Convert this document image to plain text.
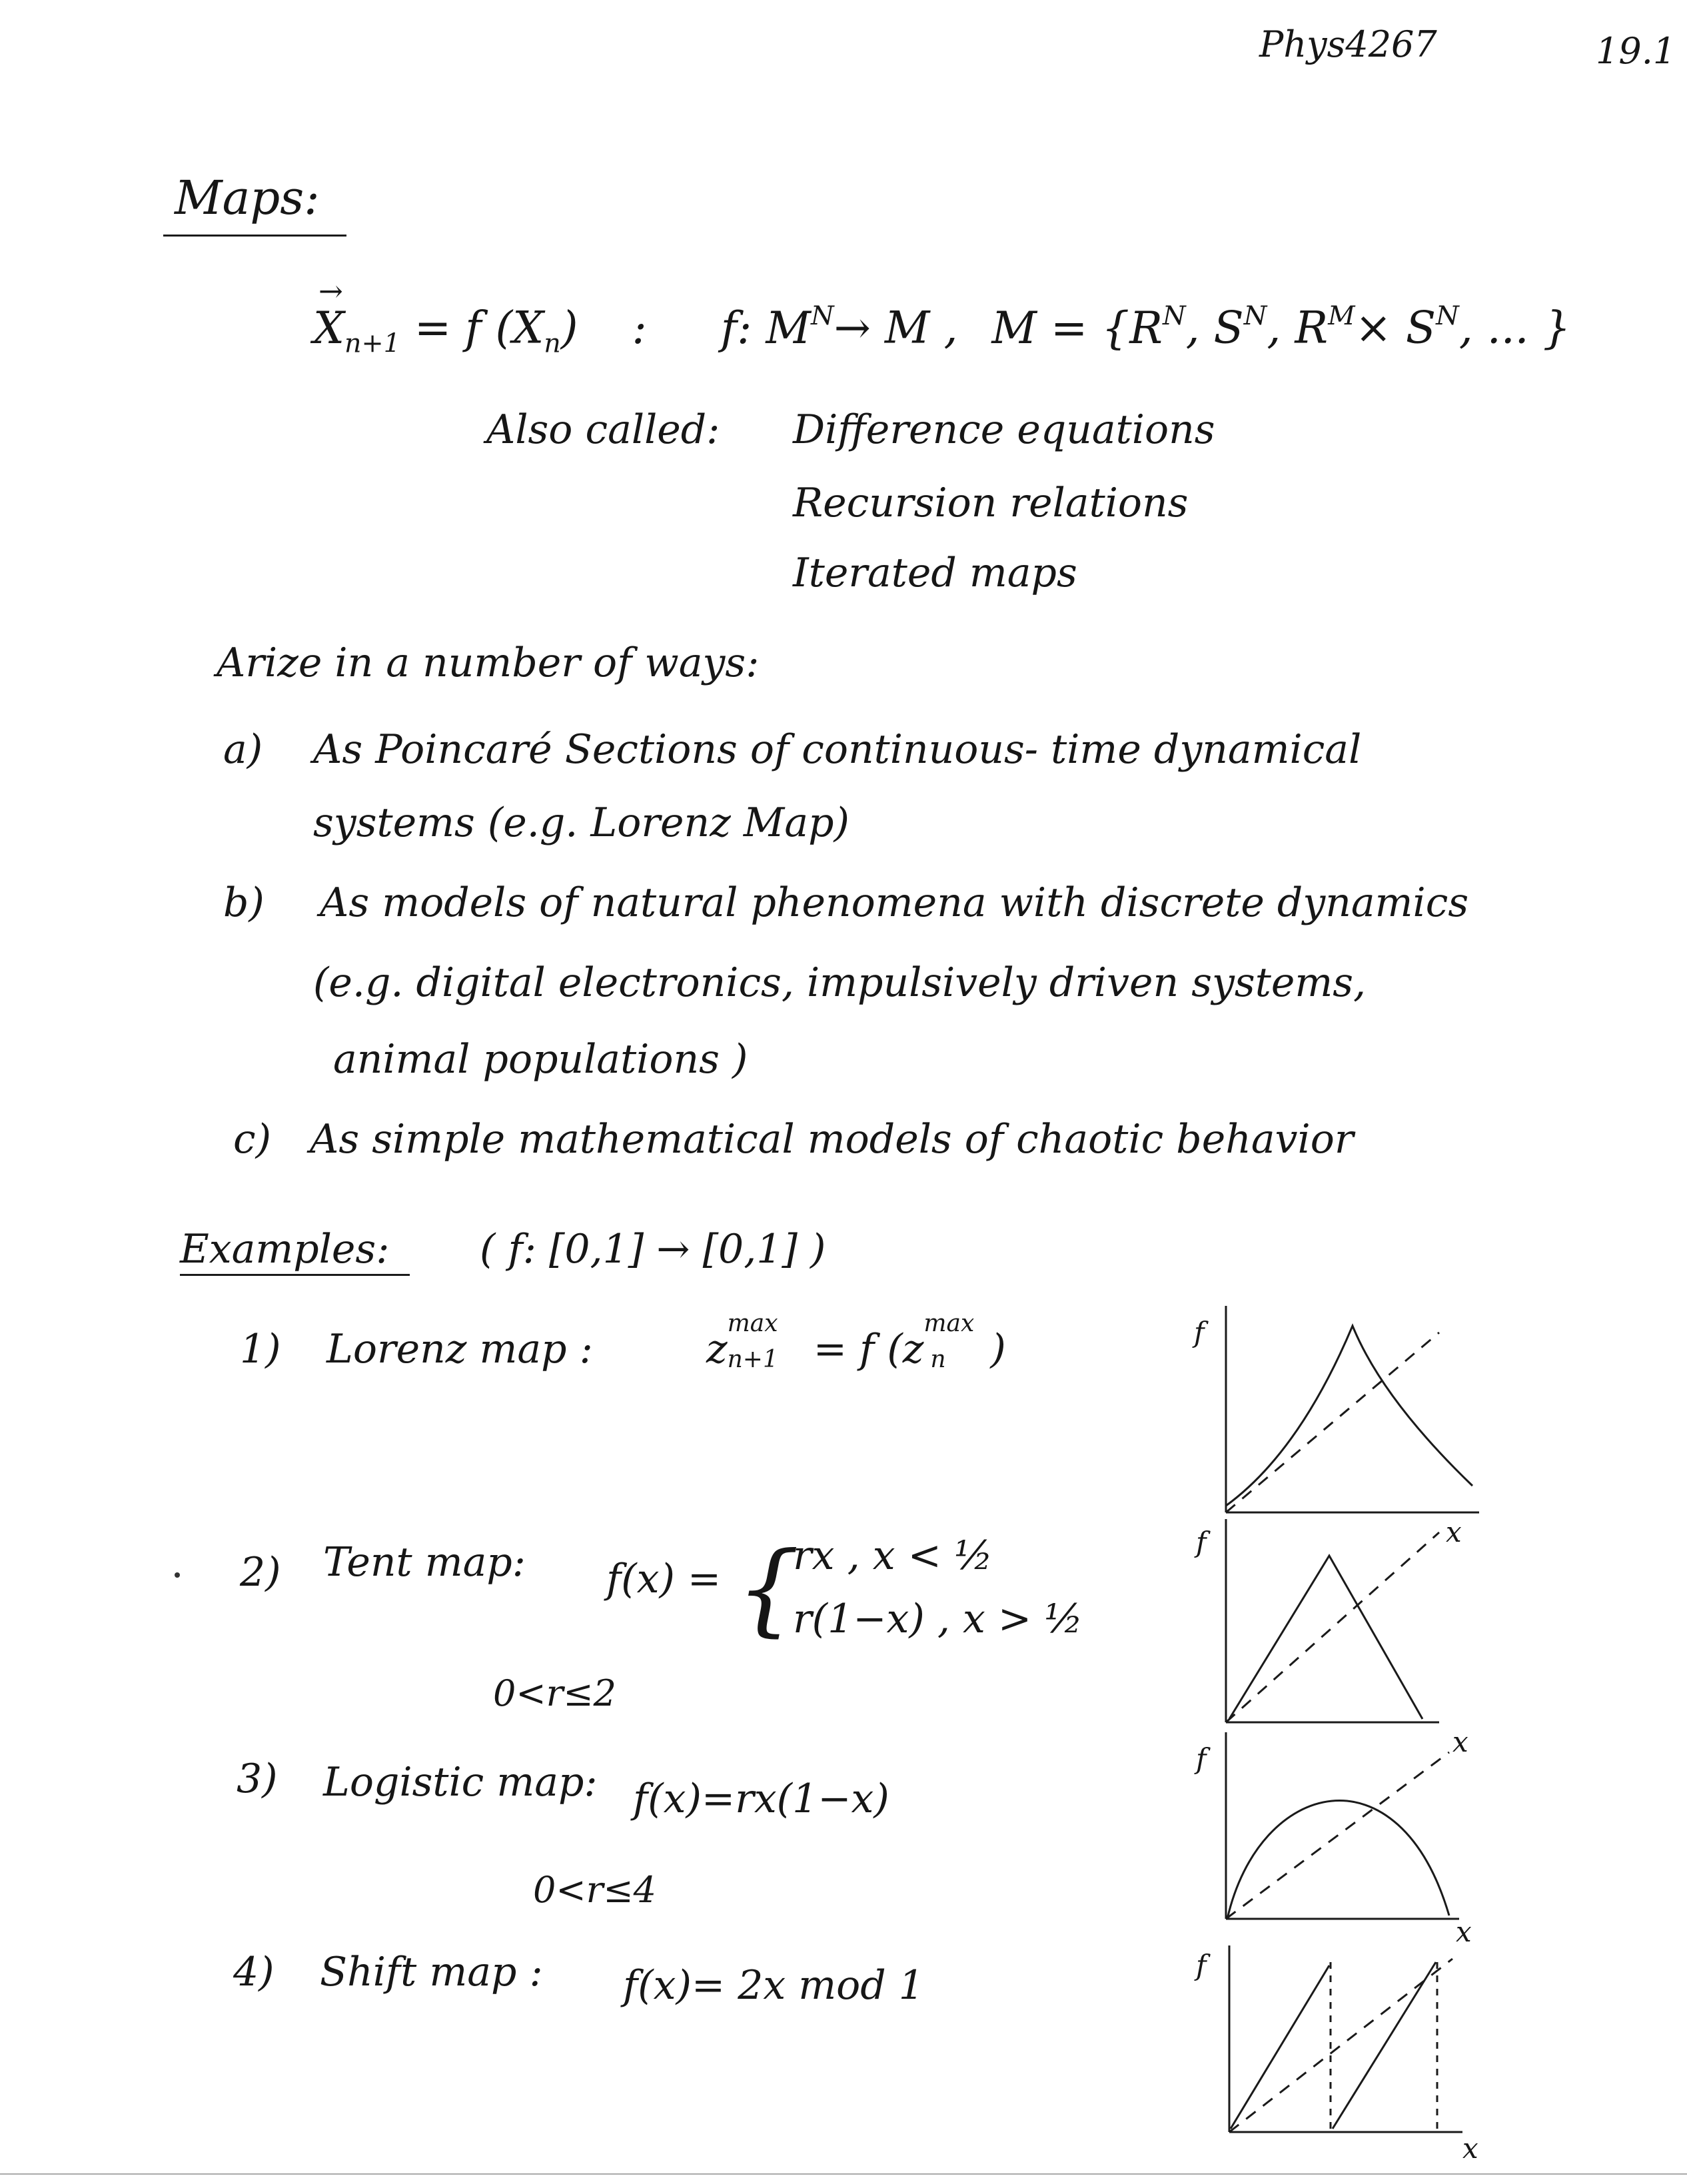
Phys4267	19.1
Maps:
→
$X_{n+1} = f$ $(X_n)$ : f: $M^N\to M$ , $M = \{R^N$, $S^N$, $R^M\times S^N$, ... }
Also called: Difference equations
Recursion relations
Iterated maps
Arize in a number of ways:
a) As Poincaré Sections of continuous- time dynamical
systems (e.g. Lorenz Map)
b) As models of natural phenomena with discrete dynamics
(e.g. digital electronics, impulsively driven systems,
animal populations )
c) As simple mathematical models of chaotic behavior
Examples: ( f: [0,1] → [0,1] )
1) Lorenz map :	z
max
n+1 = f (z
max
n )
2) Tent map: f(x) = {
rx , x < ½
r(1−x) , x > ½
0<r≤2
3) Logistic map: f(x)=rx(1−x)
0<r≤4
4) Shift map : f(x)= 2x mod 1
f
f	x
f
x
f
x
x
